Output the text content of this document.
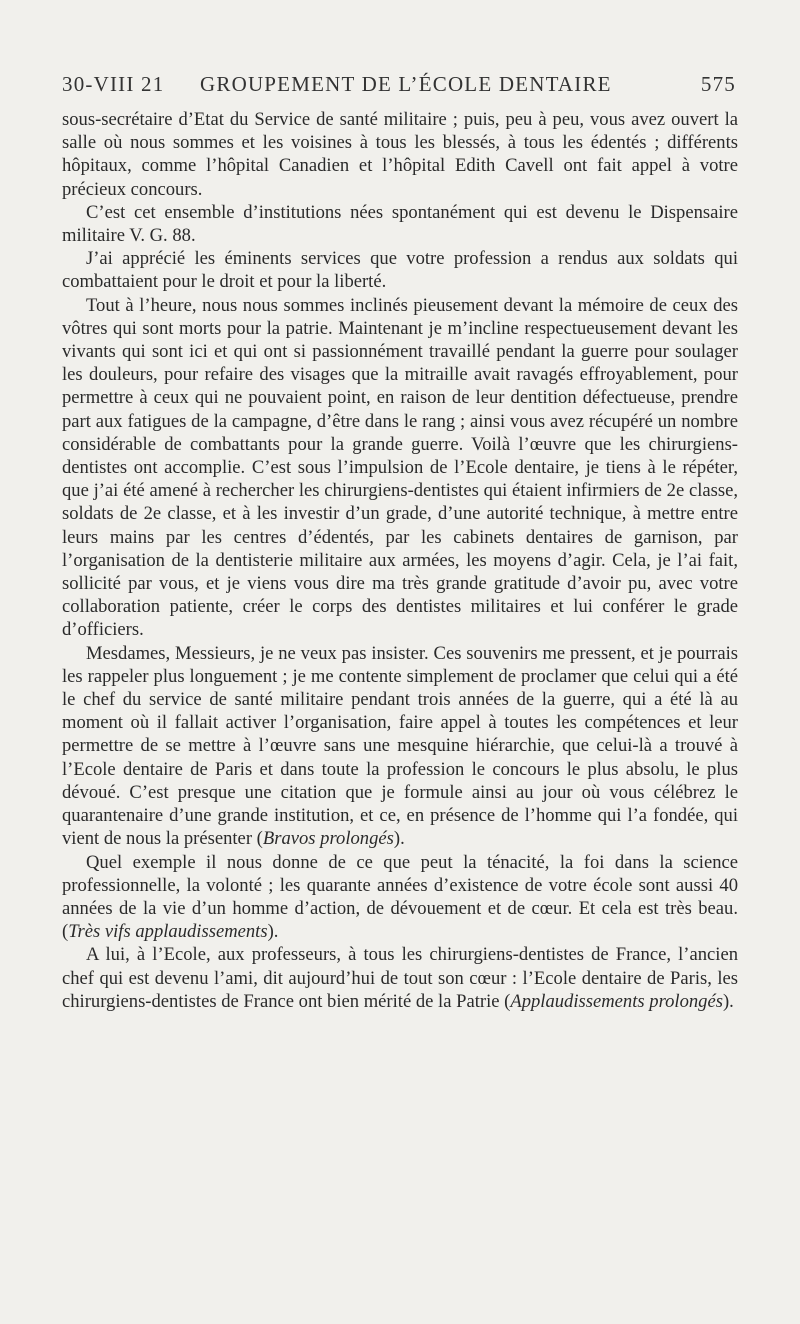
30-VIII 21 GROUPEMENT DE L’ÉCOLE DENTAIRE	575

sous-secrétaire d’Etat du Service de santé militaire ; puis, peu à peu, vous avez ouvert la salle où nous sommes et les voisines à tous les blessés, à tous les édentés ; différents hôpitaux, comme l’hôpital Canadien et l’hôpital Edith Cavell ont fait appel à votre précieux concours.

C’est cet ensemble d’institutions nées spontanément qui est devenu le Dispensaire militaire V. G. 88.

J’ai apprécié les éminents services que votre profession a rendus aux soldats qui combattaient pour le droit et pour la liberté.

Tout à l’heure, nous nous sommes inclinés pieusement devant la mémoire de ceux des vôtres qui sont morts pour la patrie. Maintenant je m’incline respectueusement devant les vivants qui sont ici et qui ont si passionnément travaillé pendant la guerre pour soulager les douleurs, pour refaire des visages que la mitraille avait ravagés effroyablement, pour permettre à ceux qui ne pouvaient point, en raison de leur dentition défectueuse, prendre part aux fatigues de la campagne, d’être dans le rang ; ainsi vous avez récupéré un nombre considérable de combattants pour la grande guerre. Voilà l’œuvre que les chirurgiens-dentistes ont accomplie. C’est sous l’impulsion de l’Ecole dentaire, je tiens à le répéter, que j’ai été amené à rechercher les chirurgiens-dentistes qui étaient infirmiers de 2e classe, soldats de 2e classe, et à les investir d’un grade, d’une autorité technique, à mettre entre leurs mains par les centres d’édentés, par les cabinets dentaires de garnison, par l’organisation de la dentisterie militaire aux armées, les moyens d’agir. Cela, je l’ai fait, sollicité par vous, et je viens vous dire ma très grande gratitude d’avoir pu, avec votre collaboration patiente, créer le corps des dentistes militaires et lui conférer le grade d’officiers.

Mesdames, Messieurs, je ne veux pas insister. Ces souvenirs me pressent, et je pourrais les rappeler plus longuement ; je me contente simplement de proclamer que celui qui a été le chef du service de santé militaire pendant trois années de la guerre, qui a été là au moment où il fallait activer l’organisation, faire appel à toutes les compétences et leur permettre de se mettre à l’œuvre sans une mesquine hiérarchie, que celui-là a trouvé à l’Ecole dentaire de Paris et dans toute la profession le concours le plus absolu, le plus dévoué. C’est presque une citation que je formule ainsi au jour où vous célébrez le quarantenaire d’une grande institution, et ce, en présence de l’homme qui l’a fondée, qui vient de nous la présenter (Bravos prolongés).

Quel exemple il nous donne de ce que peut la ténacité, la foi dans la science professionnelle, la volonté ; les quarante années d’existence de votre école sont aussi 40 années de la vie d’un homme d’action, de dévouement et de cœur. Et cela est très beau. (Très vifs applaudissements).

A lui, à l’Ecole, aux professeurs, à tous les chirurgiens-dentistes de France, l’ancien chef qui est devenu l’ami, dit aujourd’hui de tout son cœur : l’Ecole dentaire de Paris, les chirurgiens-dentistes de France ont bien mérité de la Patrie (Applaudissements prolongés).
